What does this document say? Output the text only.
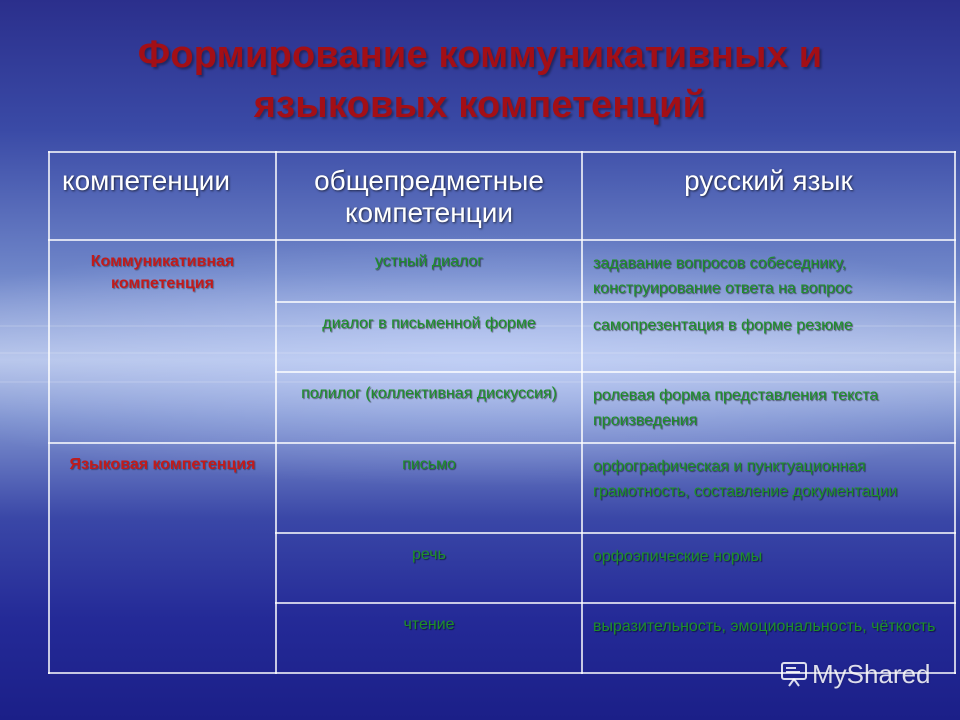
Формирование коммуникативных и
языковых компетенций
компетенции	общепредметные компетенции	русский язык
Коммуникативная компетенция	устный диалог	задавание вопросов собеседнику, конструирование ответа на вопрос
	диалог в письменной форме	самопрезентация в форме резюме
	полилог (коллективная дискуссия)	ролевая форма представления текста произведения
Языковая компетенция	письмо	орфографическая и пунктуационная грамотность, составление документации
	речь	орфоэпические нормы
	чтение	выразительность, эмоциональность, чёткость
MyShared
